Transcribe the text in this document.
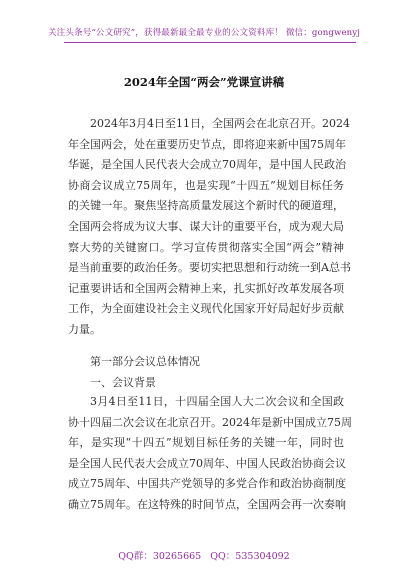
关注头条号“公文研究”，获得最新最全最专业的公文资料库！ 微信：gongwenyj
2024年全国“两会”党课宣讲稿
2024年3月4日至11日，全国两会在北京召开。2024
年全国两会，处在重要历史节点，即将迎来新中国75周年
华诞，是全国人民代表大会成立70周年，是中国人民政治
协商会议成立75周年，也是实现“十四五”规划目标任务
的关键一年。聚焦坚持高质量发展这个新时代的硬道理，
全国两会将成为议大事、谋大计的重要平台，成为观大局
察大势的关键窗口。学习宣传贯彻落实全国“两会”精神
是当前重要的政治任务。要切实把思想和行动统一到A总书
记重要讲话和全国两会精神上来，扎实抓好改革发展各项
工作，为全面建设社会主义现代化国家开好局起好步贡献
力量。
第一部分会议总体情况
一、会议背景
3月4日至11日，十四届全国人大二次会议和全国政
协十四届二次会议在北京召开。2024年是新中国成立75周
年，是实现“十四五”规划目标任务的关键一年，同时也
是全国人民代表大会成立70周年、中国人民政治协商会议
成立75周年、中国共产党领导的多党合作和政治协商制度
确立75周年。在这特殊的时间节点，全国两会再一次奏响
QQ群：30265665 QQ：535304092
